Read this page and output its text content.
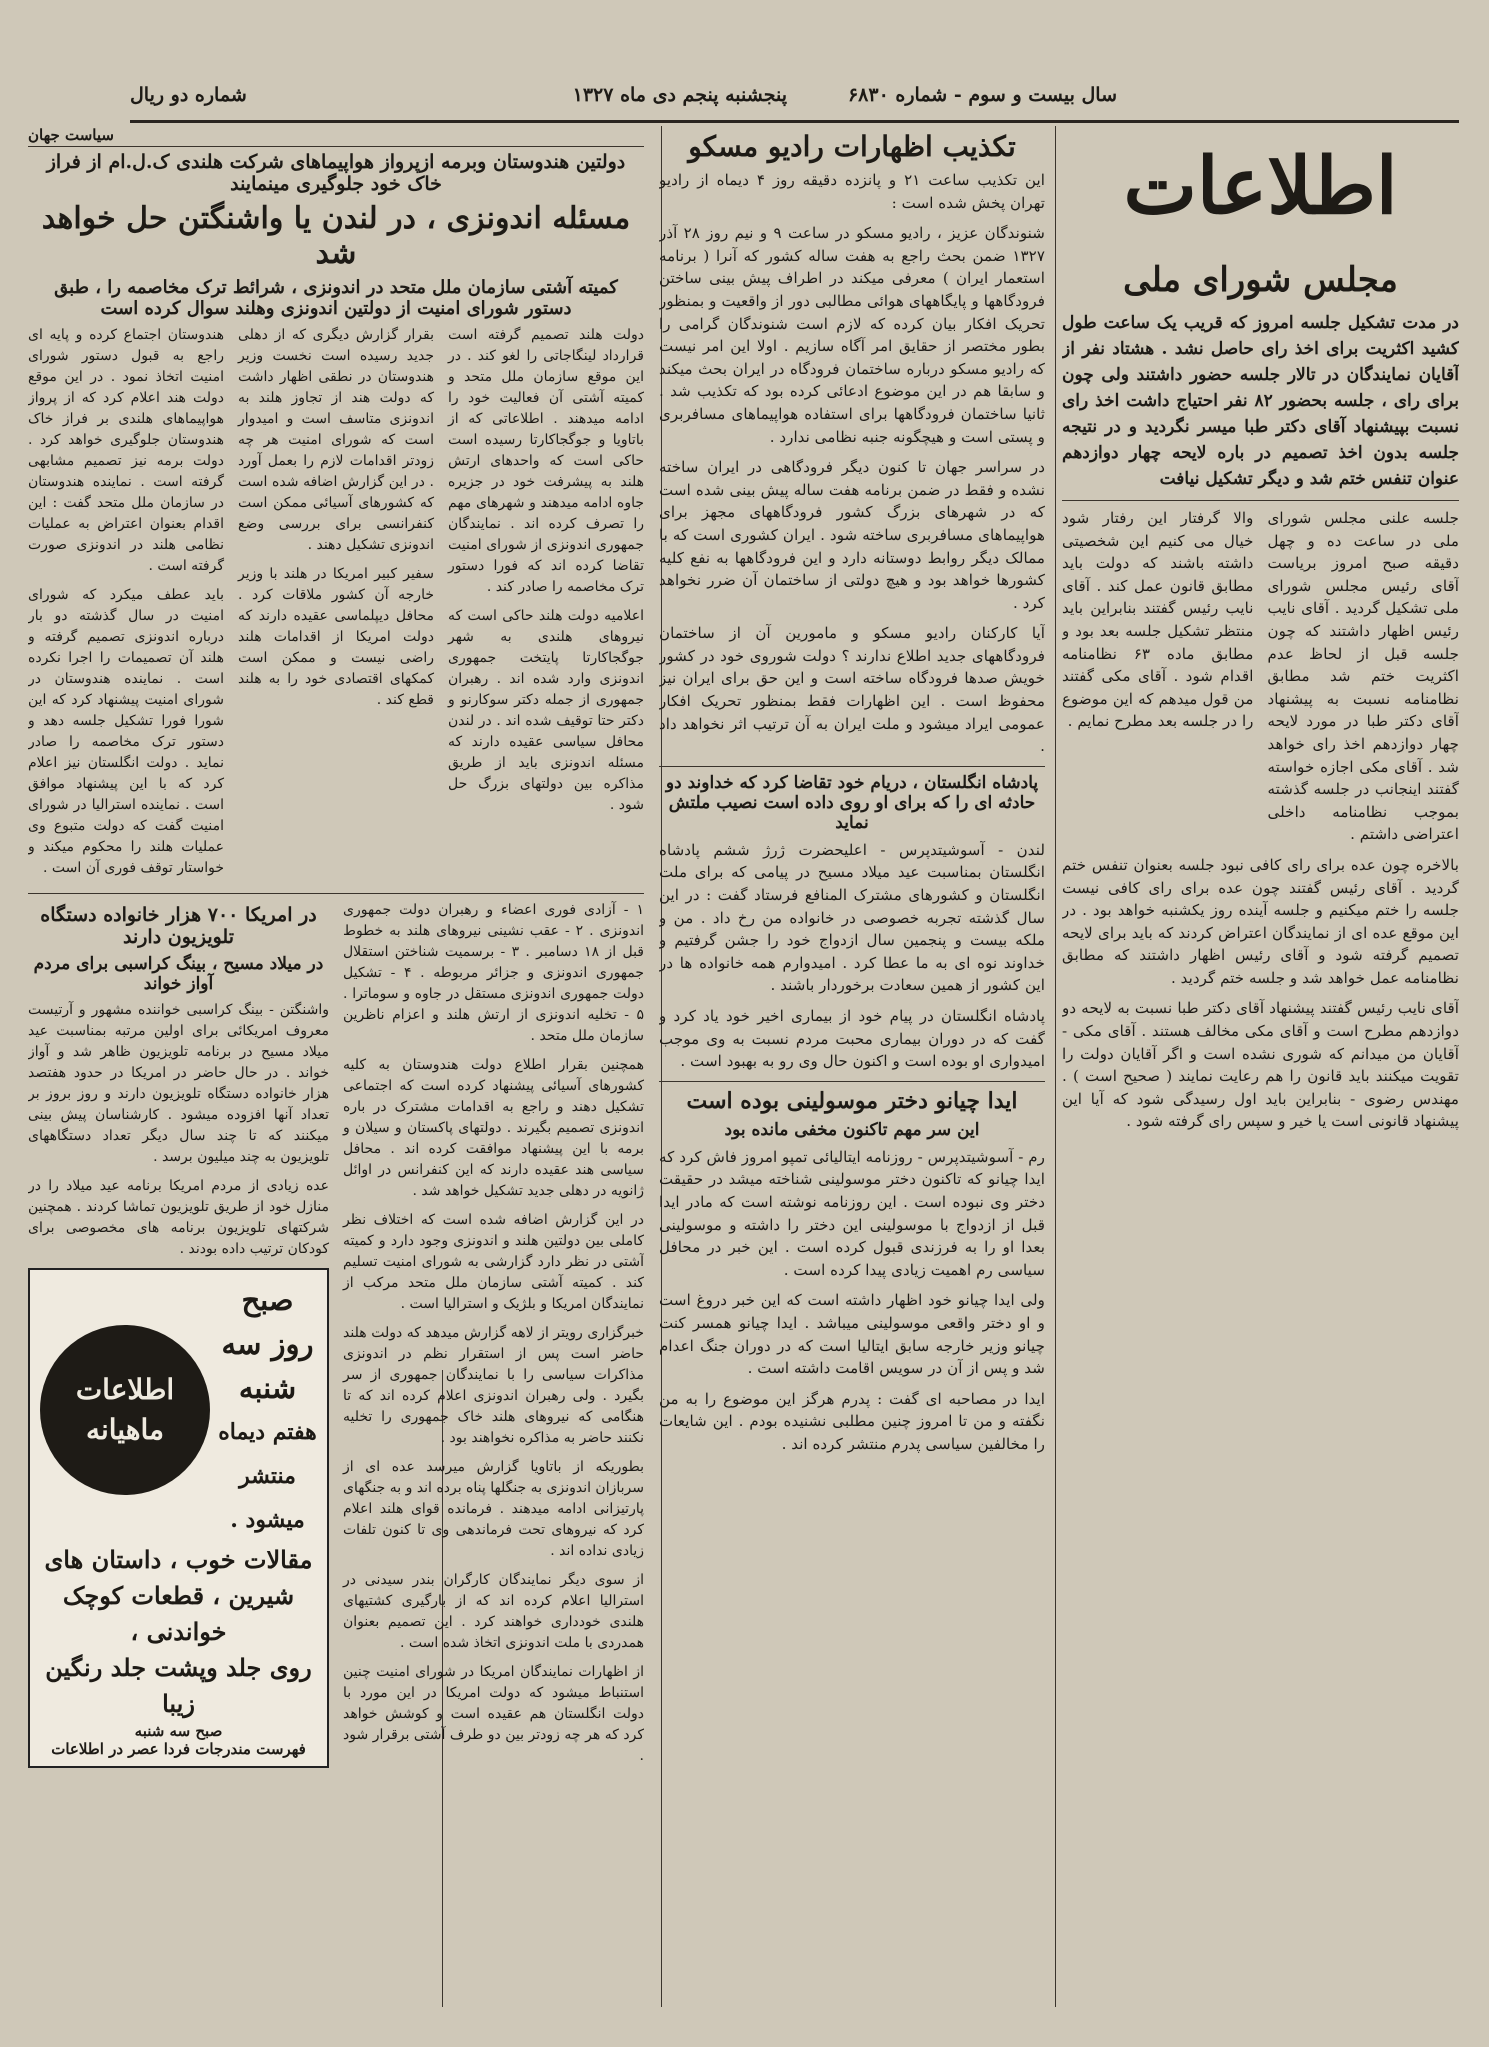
سال بیست و سوم - شماره ۶۸۳۰
پنجشنبه پنجم دی ماه ۱۳۲۷
شماره دو ریال
اطلاعات
مجلس شورای ملی

در مدت تشکیل جلسه امروز که قریب یک ساعت طول کشید اکثریت برای اخذ رای حاصل نشد . هشتاد نفر از آقایان نمایندگان در تالار جلسه حضور داشتند ولی چون برای رای ، جلسه بحضور ۸۲ نفر احتیاج داشت اخذ رای نسبت بپیشنهاد آقای دکتر طبا میسر نگردید و در نتیجه جلسه بدون اخذ تصمیم در باره لایحه چهار دوازدهم عنوان تنفس ختم شد و دیگر تشکیل نیافت

جلسه علنی مجلس شورای ملی در ساعت ده و چهل دقیقه صبح امروز بریاست آقای رئیس مجلس شورای ملی تشکیل گردید . آقای نایب رئیس اظهار داشتند که چون جلسه قبل از لحاظ عدم اکثریت ختم شد مطابق نظامنامه نسبت به پیشنهاد آقای دکتر طبا در مورد لایحه چهار دوازدهم اخذ رای خواهد شد . آقای مکی اجازه خواسته گفتند اینجانب در جلسه گذشته بموجب نظامنامه داخلی اعتراضی داشتم .

والا گرفتار این رفتار شود خیال می کنیم این شخصیتی داشته باشند که دولت باید مطابق قانون عمل کند . آقای نایب رئیس گفتند بنابراین باید منتظر تشکیل جلسه بعد بود و مطابق ماده ۶۳ نظامنامه اقدام شود . آقای مکی گفتند من قول میدهم که این موضوع را در جلسه بعد مطرح نمایم .

بالاخره چون عده برای رای کافی نبود جلسه بعنوان تنفس ختم گردید . آقای رئیس گفتند چون عده برای رای کافی نیست جلسه را ختم میکنیم و جلسه آینده روز یکشنبه خواهد بود . در این موقع عده ای از نمایندگان اعتراض کردند که باید برای لایحه تصمیم گرفته شود و آقای رئیس اظهار داشتند که مطابق نظامنامه عمل خواهد شد و جلسه ختم گردید .

آقای نایب رئیس گفتند پیشنهاد آقای دکتر طبا نسبت به لایحه دو دوازدهم مطرح است و آقای مکی مخالف هستند . آقای مکی - آقایان من میدانم که شوری نشده است و اگر آقایان دولت را تقویت میکنند باید قانون را هم رعایت نمایند ( صحیح است ) . مهندس رضوی - بنابراین باید اول رسیدگی شود که آیا این پیشنهاد قانونی است یا خیر و سپس رای گرفته شود .

تکذیب اظهارات رادیو مسکو

این تکذیب ساعت ۲۱ و پانزده دقیقه روز ۴ دیماه از رادیو تهران پخش شده است :

شنوندگان عزیز ، رادیو مسکو در ساعت ۹ و نیم روز ۲۸ آذر ۱۳۲۷ ضمن بحث راجع به هفت ساله کشور که آنرا ( برنامه استعمار ایران ) معرفی میکند در اطراف پیش بینی ساختن فرودگاهها و پایگاههای هوائی مطالبی دور از واقعیت و بمنظور تحریک افکار بیان کرده که لازم است شنوندگان گرامی را بطور مختصر از حقایق امر آگاه سازیم . اولا این امر نیست که رادیو مسکو درباره ساختمان فرودگاه در ایران بحث میکند و سابقا هم در این موضوع ادعائی کرده بود که تکذیب شد . ثانیا ساختمان فرودگاهها برای استفاده هواپیماهای مسافربری و پستی است و هیچگونه جنبه نظامی ندارد .

در سراسر جهان تا کنون دیگر فرودگاهی در ایران ساخته نشده و فقط در ضمن برنامه هفت ساله پیش بینی شده است که در شهرهای بزرگ کشور فرودگاههای مجهز برای هواپیماهای مسافربری ساخته شود . ایران کشوری است که با ممالک دیگر روابط دوستانه دارد و این فرودگاهها به نفع کلیه کشورها خواهد بود و هیچ دولتی از ساختمان آن ضرر نخواهد کرد .

آیا کارکنان رادیو مسکو و مامورین آن از ساختمان فرودگاههای جدید اطلاع ندارند ؟ دولت شوروی خود در کشور خویش صدها فرودگاه ساخته است و این حق برای ایران نیز محفوظ است . این اظهارات فقط بمنظور تحریک افکار عمومی ایراد میشود و ملت ایران به آن ترتیب اثر نخواهد داد .

پادشاه انگلستان ، دریام خود تقاضا کرد که خداوند دو حادثه ای را که برای او روی داده است نصیب ملتش نماید

لندن - آسوشیتدپرس - اعلیحضرت ژرژ ششم پادشاه انگلستان بمناسبت عید میلاد مسیح در پیامی که برای ملت انگلستان و کشورهای مشترک المنافع فرستاد گفت : در این سال گذشته تجربه خصوصی در خانواده من رخ داد . من و ملکه بیست و پنجمین سال ازدواج خود را جشن گرفتیم و خداوند نوه ای به ما عطا کرد . امیدوارم همه خانواده ها در این کشور از همین سعادت برخوردار باشند .

پادشاه انگلستان در پیام خود از بیماری اخیر خود یاد کرد و گفت که در دوران بیماری محبت مردم نسبت به وی موجب امیدواری او بوده است و اکنون حال وی رو به بهبود است .

ایدا چیانو دختر موسولینی بوده است
این سر مهم تاکنون مخفی مانده بود

رم - آسوشیتدپرس - روزنامه ایتالیائی تمپو امروز فاش کرد که ایدا چیانو که تاکنون دختر موسولینی شناخته میشد در حقیقت دختر وی نبوده است . این روزنامه نوشته است که مادر ایدا قبل از ازدواج با موسولینی این دختر را داشته و موسولینی بعدا او را به فرزندی قبول کرده است . این خبر در محافل سیاسی رم اهمیت زیادی پیدا کرده است .

ولی ایدا چیانو خود اظهار داشته است که این خبر دروغ است و او دختر واقعی موسولینی میباشد . ایدا چیانو همسر کنت چیانو وزیر خارجه سابق ایتالیا است که در دوران جنگ اعدام شد و پس از آن در سویس اقامت داشته است .

ایدا در مصاحبه ای گفت : پدرم هرگز این موضوع را به من نگفته و من تا امروز چنین مطلبی نشنیده بودم . این شایعات را مخالفین سیاسی پدرم منتشر کرده اند .

سیاست جهان
دولتین هندوستان وبرمه ازپرواز هواپیماهای شرکت هلندی ک.ل.ام از فراز خاک خود جلوگیری مینمایند
مسئله اندونزی ، در لندن یا واشنگتن حل خواهد شد
کمیته آشتی سازمان ملل متحد در اندونزی ، شرائط ترک مخاصمه را ، طبق دستور شورای امنیت از دولتین اندونزی وهلند سوال کرده است

دولت هلند تصمیم گرفته است قرارداد لینگاجاتی را لغو کند . در این موقع سازمان ملل متحد و کمیته آشتی آن فعالیت خود را ادامه میدهند . اطلاعاتی که از باتاویا و جوگجاکارتا رسیده است حاکی است که واحدهای ارتش هلند به پیشرفت خود در جزیره جاوه ادامه میدهند و شهرهای مهم را تصرف کرده اند . نمایندگان جمهوری اندونزی از شورای امنیت تقاضا کرده اند که فورا دستور ترک مخاصمه را صادر کند .

اعلامیه دولت هلند حاکی است که نیروهای هلندی به شهر جوگجاکارتا پایتخت جمهوری اندونزی وارد شده اند . رهبران جمهوری از جمله دکتر سوکارنو و دکتر حتا توقیف شده اند . در لندن محافل سیاسی عقیده دارند که مسئله اندونزی باید از طریق مذاکره بین دولتهای بزرگ حل شود .

بقرار گزارش دیگری که از دهلی جدید رسیده است نخست وزیر هندوستان در نطقی اظهار داشت که دولت هند از تجاوز هلند به اندونزی متاسف است و امیدوار است که شورای امنیت هر چه زودتر اقدامات لازم را بعمل آورد . در این گزارش اضافه شده است که کشورهای آسیائی ممکن است کنفرانسی برای بررسی وضع اندونزی تشکیل دهند .

سفیر کبیر امریکا در هلند با وزیر خارجه آن کشور ملاقات کرد . محافل دیپلماسی عقیده دارند که دولت امریکا از اقدامات هلند راضی نیست و ممکن است کمکهای اقتصادی خود را به هلند قطع کند .

هندوستان اجتماع کرده و پایه ای راجع به قبول دستور شورای امنیت اتخاذ نمود . در این موقع دولت هند اعلام کرد که از پرواز هواپیماهای هلندی بر فراز خاک هندوستان جلوگیری خواهد کرد . دولت برمه نیز تصمیم مشابهی گرفته است . نماینده هندوستان در سازمان ملل متحد گفت : این اقدام بعنوان اعتراض به عملیات نظامی هلند در اندونزی صورت گرفته است .

باید عطف میکرد که شورای امنیت در سال گذشته دو بار درباره اندونزی تصمیم گرفته و هلند آن تصمیمات را اجرا نکرده است . نماینده هندوستان در شورای امنیت پیشنهاد کرد که این شورا فورا تشکیل جلسه دهد و دستور ترک مخاصمه را صادر نماید . دولت انگلستان نیز اعلام کرد که با این پیشنهاد موافق است . نماینده استرالیا در شورای امنیت گفت که دولت متبوع وی عملیات هلند را محکوم میکند و خواستار توقف فوری آن است .

۱ - آزادی فوری اعضاء و رهبران دولت جمهوری اندونزی . ۲ - عقب نشینی نیروهای هلند به خطوط قبل از ۱۸ دسامبر . ۳ - برسمیت شناختن استقلال جمهوری اندونزی و جزائر مربوطه . ۴ - تشکیل دولت جمهوری اندونزی مستقل در جاوه و سوماترا . ۵ - تخلیه اندونزی از ارتش هلند و اعزام ناظرین سازمان ملل متحد .

همچنین بقرار اطلاع دولت هندوستان به کلیه کشورهای آسیائی پیشنهاد کرده است که اجتماعی تشکیل دهند و راجع به اقدامات مشترک در باره اندونزی تصمیم بگیرند . دولتهای پاکستان و سیلان و برمه با این پیشنهاد موافقت کرده اند . محافل سیاسی هند عقیده دارند که این کنفرانس در اوائل ژانویه در دهلی جدید تشکیل خواهد شد .

در این گزارش اضافه شده است که اختلاف نظر کاملی بین دولتین هلند و اندونزی وجود دارد و کمیته آشتی در نظر دارد گزارشی به شورای امنیت تسلیم کند . کمیته آشتی سازمان ملل متحد مرکب از نمایندگان امریکا و بلژیک و استرالیا است .

خبرگزاری رویتر از لاهه گزارش میدهد که دولت هلند حاضر است پس از استقرار نظم در اندونزی مذاکرات سیاسی را با نمایندگان جمهوری از سر بگیرد . ولی رهبران اندونزی اعلام کرده اند که تا هنگامی که نیروهای هلند خاک جمهوری را تخلیه نکنند حاضر به مذاکره نخواهند بود .

بطوریکه از باتاویا گزارش میرسد عده ای از سربازان اندونزی به جنگلها پناه برده اند و به جنگهای پارتیزانی ادامه میدهند . فرمانده قوای هلند اعلام کرد که نیروهای تحت فرماندهی وی تا کنون تلفات زیادی نداده اند .

از سوی دیگر نمایندگان کارگران بندر سیدنی در استرالیا اعلام کرده اند که از بارگیری کشتیهای هلندی خودداری خواهند کرد . این تصمیم بعنوان همدردی با ملت اندونزی اتخاذ شده است .

از اظهارات نمایندگان امریکا در شورای امنیت چنین استنباط میشود که دولت امریکا در این مورد با دولت انگلستان هم عقیده است و کوشش خواهد کرد که هر چه زودتر بین دو طرف آشتی برقرار شود .

در امریکا ۷۰۰ هزار خانواده دستگاه تلویزیون دارند
در میلاد مسیح ، بینگ کراسبی برای مردم آواز خواند

واشنگتن - بینگ کراسبی خواننده مشهور و آرتیست معروف امریکائی برای اولین مرتبه بمناسبت عید میلاد مسیح در برنامه تلویزیون ظاهر شد و آواز خواند . در حال حاضر در امریکا در حدود هفتصد هزار خانواده دستگاه تلویزیون دارند و روز بروز بر تعداد آنها افزوده میشود . کارشناسان پیش بینی میکنند که تا چند سال دیگر تعداد دستگاههای تلویزیون به چند میلیون برسد .

عده زیادی از مردم امریکا برنامه عید میلاد را در منازل خود از طریق تلویزیون تماشا کردند . همچنین شرکتهای تلویزیون برنامه های مخصوصی برای کودکان ترتیب داده بودند .

صبح روز سه شنبه
هفتم دیماه منتشر میشود .
اطلاعات ماهیانه
مقالات خوب ، داستان های شیرین ، قطعات کوچک خواندنی ،
روی جلد وپشت جلد رنگین زیبا
صبح سه شنبه
فهرست مندرجات فردا عصر در اطلاعات
